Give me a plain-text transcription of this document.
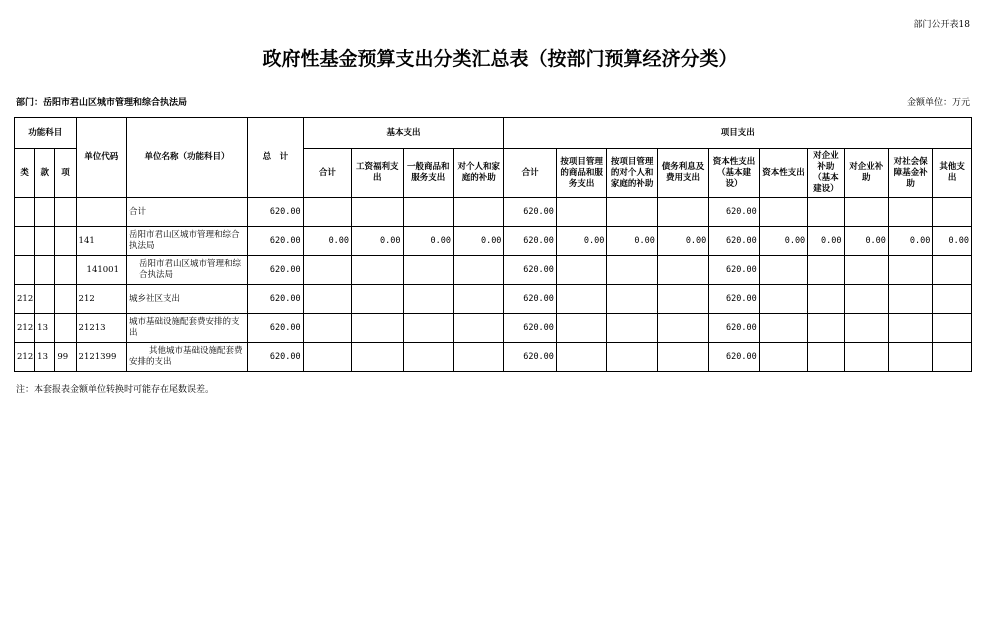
部门公开表18
政府性基金预算支出分类汇总表（按部门预算经济分类）
部门：岳阳市君山区城市管理和综合执法局	金额单位：万元
功能科目			单位代码	单位名称（功能科目）	总　计	基本支出				项目支出									
类	款	项				合计	工资福利支出	一般商品和服务支出	对个人和家庭的补助	合计	按项目管理的商品和服务支出	按项目管理的对个人和家庭的补助	债务利息及费用支出	资本性支出（基本建设）	资本性支出	对企业补助（基本建设）	对企业补助	对社会保障基金补助	其他支出
				合计	620.00					620.00				620.00					
			141	岳阳市君山区城市管理和综合执法局	620.00	0.00	0.00	0.00	0.00	620.00	0.00	0.00	0.00	620.00	0.00	0.00	0.00	0.00	0.00
			141001	岳阳市君山区城市管理和综合执法局	620.00					620.00				620.00					
212			212	城乡社区支出	620.00					620.00				620.00					
212	13		21213	城市基础设施配套费安排的支出	620.00					620.00				620.00					
212	13	99	2121399	其他城市基础设施配套费安排的支出	620.00					620.00				620.00					
注：本套报表金额单位转换时可能存在尾数误差。
